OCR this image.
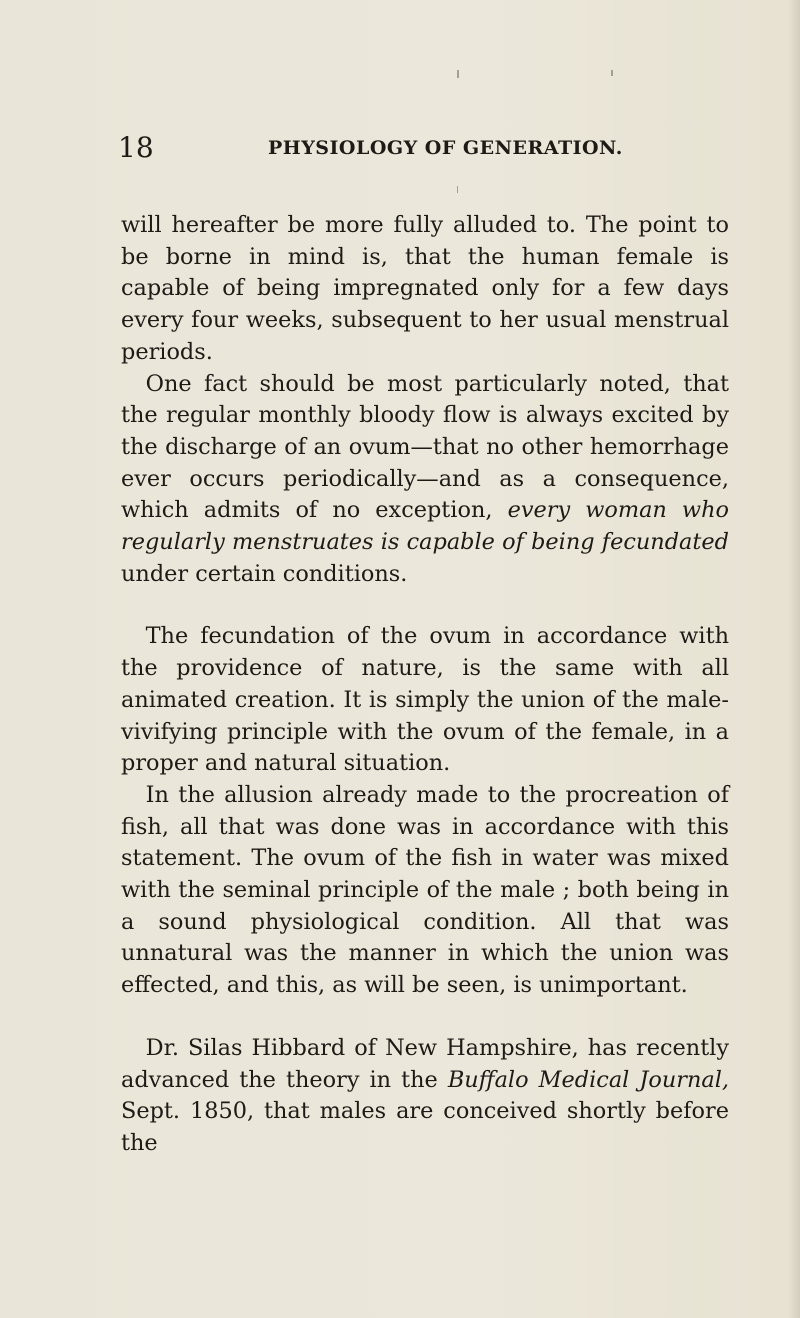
18	PHYSIOLOGY OF GENERATION.

will hereafter be more fully alluded to. The point to be borne in mind is, that the human female is capable of being impregnated only for a few days every four weeks, subsequent to her usual menstrual periods.

One fact should be most particularly noted, that the regular monthly bloody flow is always excited by the discharge of an ovum—that no other hemorrhage ever occurs periodically—and as a consequence, which admits of no exception, every woman who regularly menstruates is capable of being fecundated under certain conditions.

The fecundation of the ovum in accordance with the providence of nature, is the same with all animated creation. It is simply the union of the male-vivifying principle with the ovum of the female, in a proper and natural situation.

In the allusion already made to the procreation of fish, all that was done was in accordance with this statement. The ovum of the fish in water was mixed with the seminal principle of the male ; both being in a sound physiological condition. All that was unnatural was the manner in which the union was effected, and this, as will be seen, is unimportant.

Dr. Silas Hibbard of New Hampshire, has recently advanced the theory in the Buffalo Medical Journal, Sept. 1850, that males are conceived shortly before the
